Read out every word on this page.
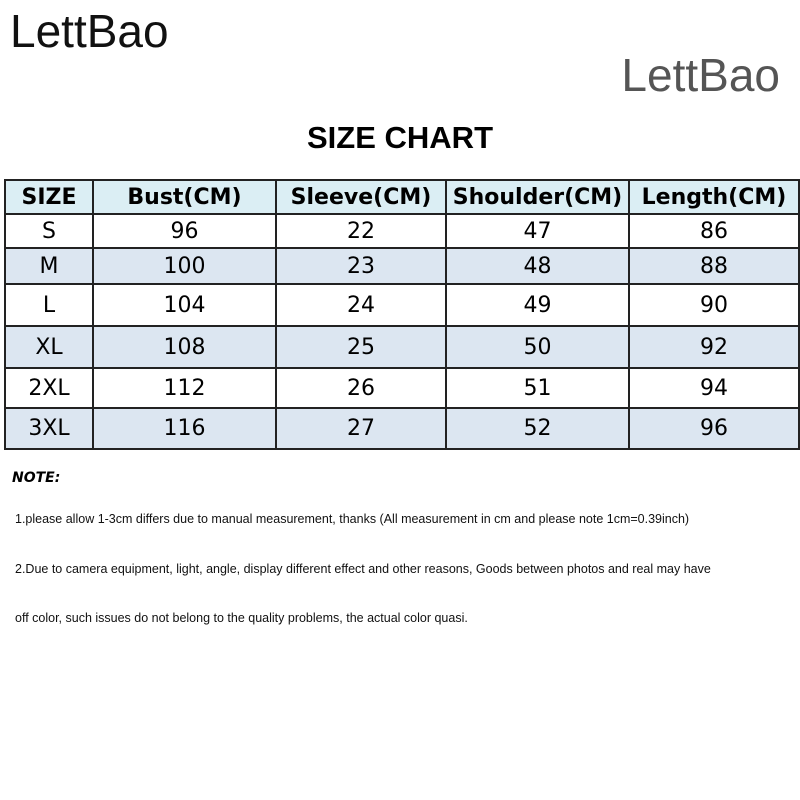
LettBao
LettBao
SIZE CHART
SIZE	Bust(CM)	Sleeve(CM)	Shoulder(CM)	Length(CM)
S	96	22	47	86
M	100	23	48	88
L	104	24	49	90
XL	108	25	50	92
2XL	112	26	51	94
3XL	116	27	52	96
NOTE:
1.please allow 1-3cm differs due to manual measurement, thanks (All measurement in cm and please note 1cm=0.39inch)
2.Due to camera equipment, light, angle, display different effect and other reasons, Goods between photos and real may have
off color, such issues do not belong to the quality problems, the actual color quasi.
